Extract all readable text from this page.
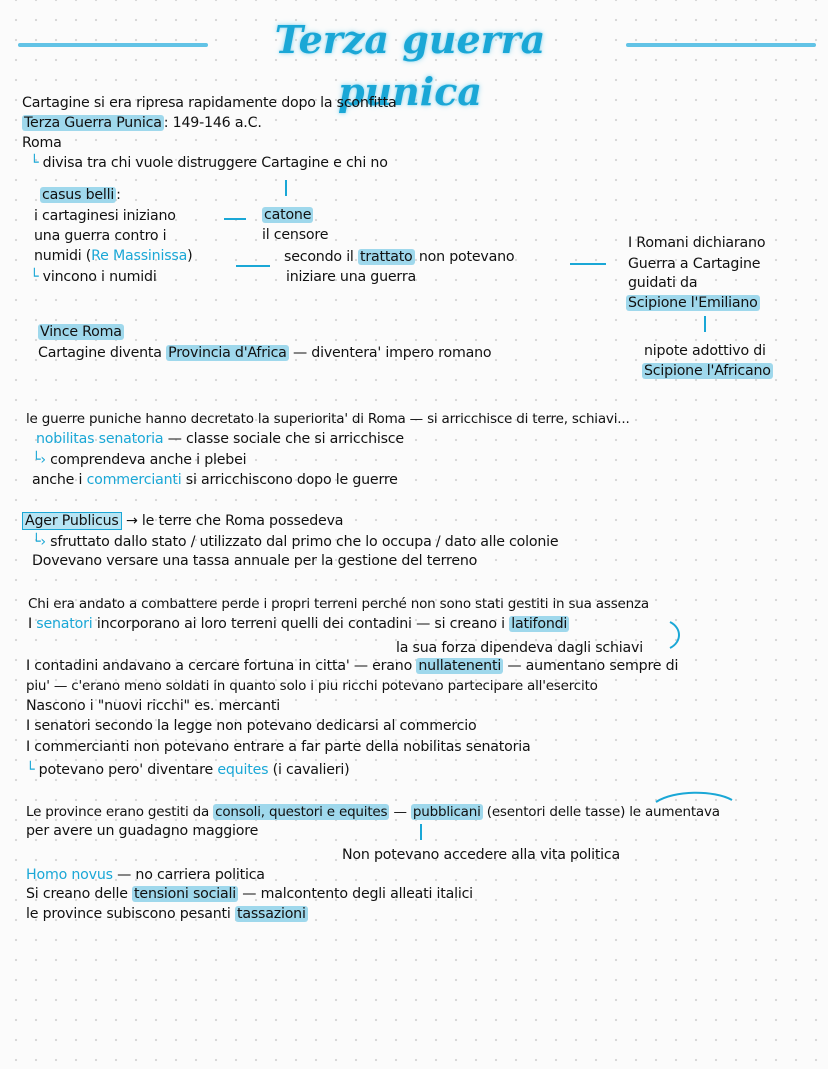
Terza guerra punica
Cartagine si era ripresa rapidamente dopo la sconfitta
Terza Guerra Punica : 149-146 a.C.
Roma
└ divisa tra chi vuole distruggere Cartagine e chi no
casus belli :
i cartaginesi iniziano
una guerra contro i
numidi (Re Massinissa)
└ vincono i numidi
catone
il censore
secondo il trattato non potevano
iniziare una guerra
I Romani dichiarano
Guerra a Cartagine
guidati da
Scipione l'Emiliano
nipote adottivo di
Scipione l'Africano
Vince Roma
Cartagine diventa Provincia d'Africa — diventera' impero romano
le guerre puniche hanno decretato la superiorita' di Roma — si arricchisce di terre, schiavi...
nobilitas senatoria — classe sociale che si arricchisce
└› comprendeva anche i plebei
anche i commercianti si arricchiscono dopo le guerre
Ager Publicus → le terre che Roma possedeva
└› sfruttato dallo stato / utilizzato dal primo che lo occupa / dato alle colonie
Dovevano versare una tassa annuale per la gestione del terreno
Chi era andato a combattere perde i propri terreni perché non sono stati gestiti in sua assenza
I senatori incorporano ai loro terreni quelli dei contadini — si creano i latifondi
la sua forza dipendeva dagli schiavi
I contadini andavano a cercare fortuna in citta' — erano nullatenenti — aumentano sempre di
piu' — c'erano meno soldati in quanto solo i piu ricchi potevano partecipare all'esercito
Nascono i "nuovi ricchi" es. mercanti
I senatori secondo la legge non potevano dedicarsi al commercio
I commercianti non potevano entrare a far parte della nobilitas senatoria
└ potevano pero' diventare equites (i cavalieri)
Le province erano gestiti da consoli, questori e equites — pubblicani (esentori delle tasse) le aumentava
per avere un guadagno maggiore
Non potevano accedere alla vita politica
Homo novus — no carriera politica
Si creano delle tensioni sociali — malcontento degli alleati italici
le province subiscono pesanti tassazioni
